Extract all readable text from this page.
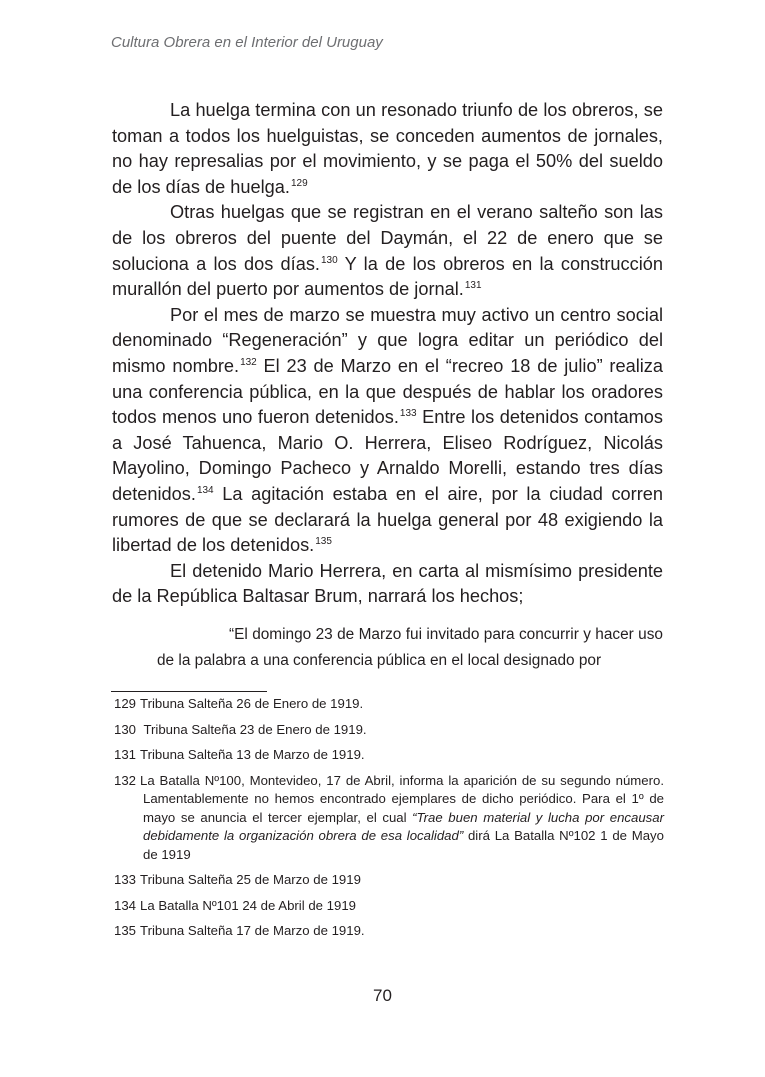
Cultura Obrera en el Interior del Uruguay

La huelga termina con un resonado triunfo de los obreros, se toman a todos los huelguistas, se conceden aumentos de jornales, no hay represalias por el movimiento, y se paga el 50% del sueldo de los días de huelga.$^{129}$

Otras huelgas que se registran en el verano salteño son las de los obreros del puente del Daymán, el 22 de enero que se soluciona a los dos días.$^{130}$ Y la de los obreros en la construcción murallón del puerto por aumentos de jornal.$^{131}$

Por el mes de marzo se muestra muy activo un centro social denominado “Regeneración” y que logra editar un periódico del mismo nombre.$^{132}$ El 23 de Marzo en el “recreo 18 de julio” realiza una conferencia pública, en la que después de hablar los oradores todos menos uno fueron detenidos.$^{133}$ Entre los detenidos contamos a José Tahuenca, Mario O. Herrera, Eliseo Rodríguez, Nicolás Mayolino, Domingo Pacheco y Arnaldo Morelli, estando tres días detenidos.$^{134}$ La agitación estaba en el aire, por la ciudad corren rumores de que se declarará la huelga general por 48 exigiendo la libertad de los detenidos.$^{135}$

El detenido Mario Herrera, en carta al mismísimo presidente de la República Baltasar Brum, narrará los hechos;

“El domingo 23 de Marzo fui invitado para concurrir y hacer uso de la palabra a una conferencia pública en el local designado por

129 Tribuna Salteña 26 de Enero de 1919.

130 Tribuna Salteña 23 de Enero de 1919.

131 Tribuna Salteña 13 de Marzo de 1919.

132 La Batalla Nº100, Montevideo, 17 de Abril, informa la aparición de su segundo número. Lamentablemente no hemos encontrado ejemplares de dicho periódico. Para el 1º de mayo se anuncia el tercer ejemplar, el cual “Trae buen material y lucha por encausar debidamente la organización obrera de esa localidad” dirá La Batalla Nº102 1 de Mayo de 1919

133 Tribuna Salteña 25 de Marzo de 1919

134 La Batalla Nº101 24 de Abril de 1919

135 Tribuna Salteña 17 de Marzo de 1919.

70
